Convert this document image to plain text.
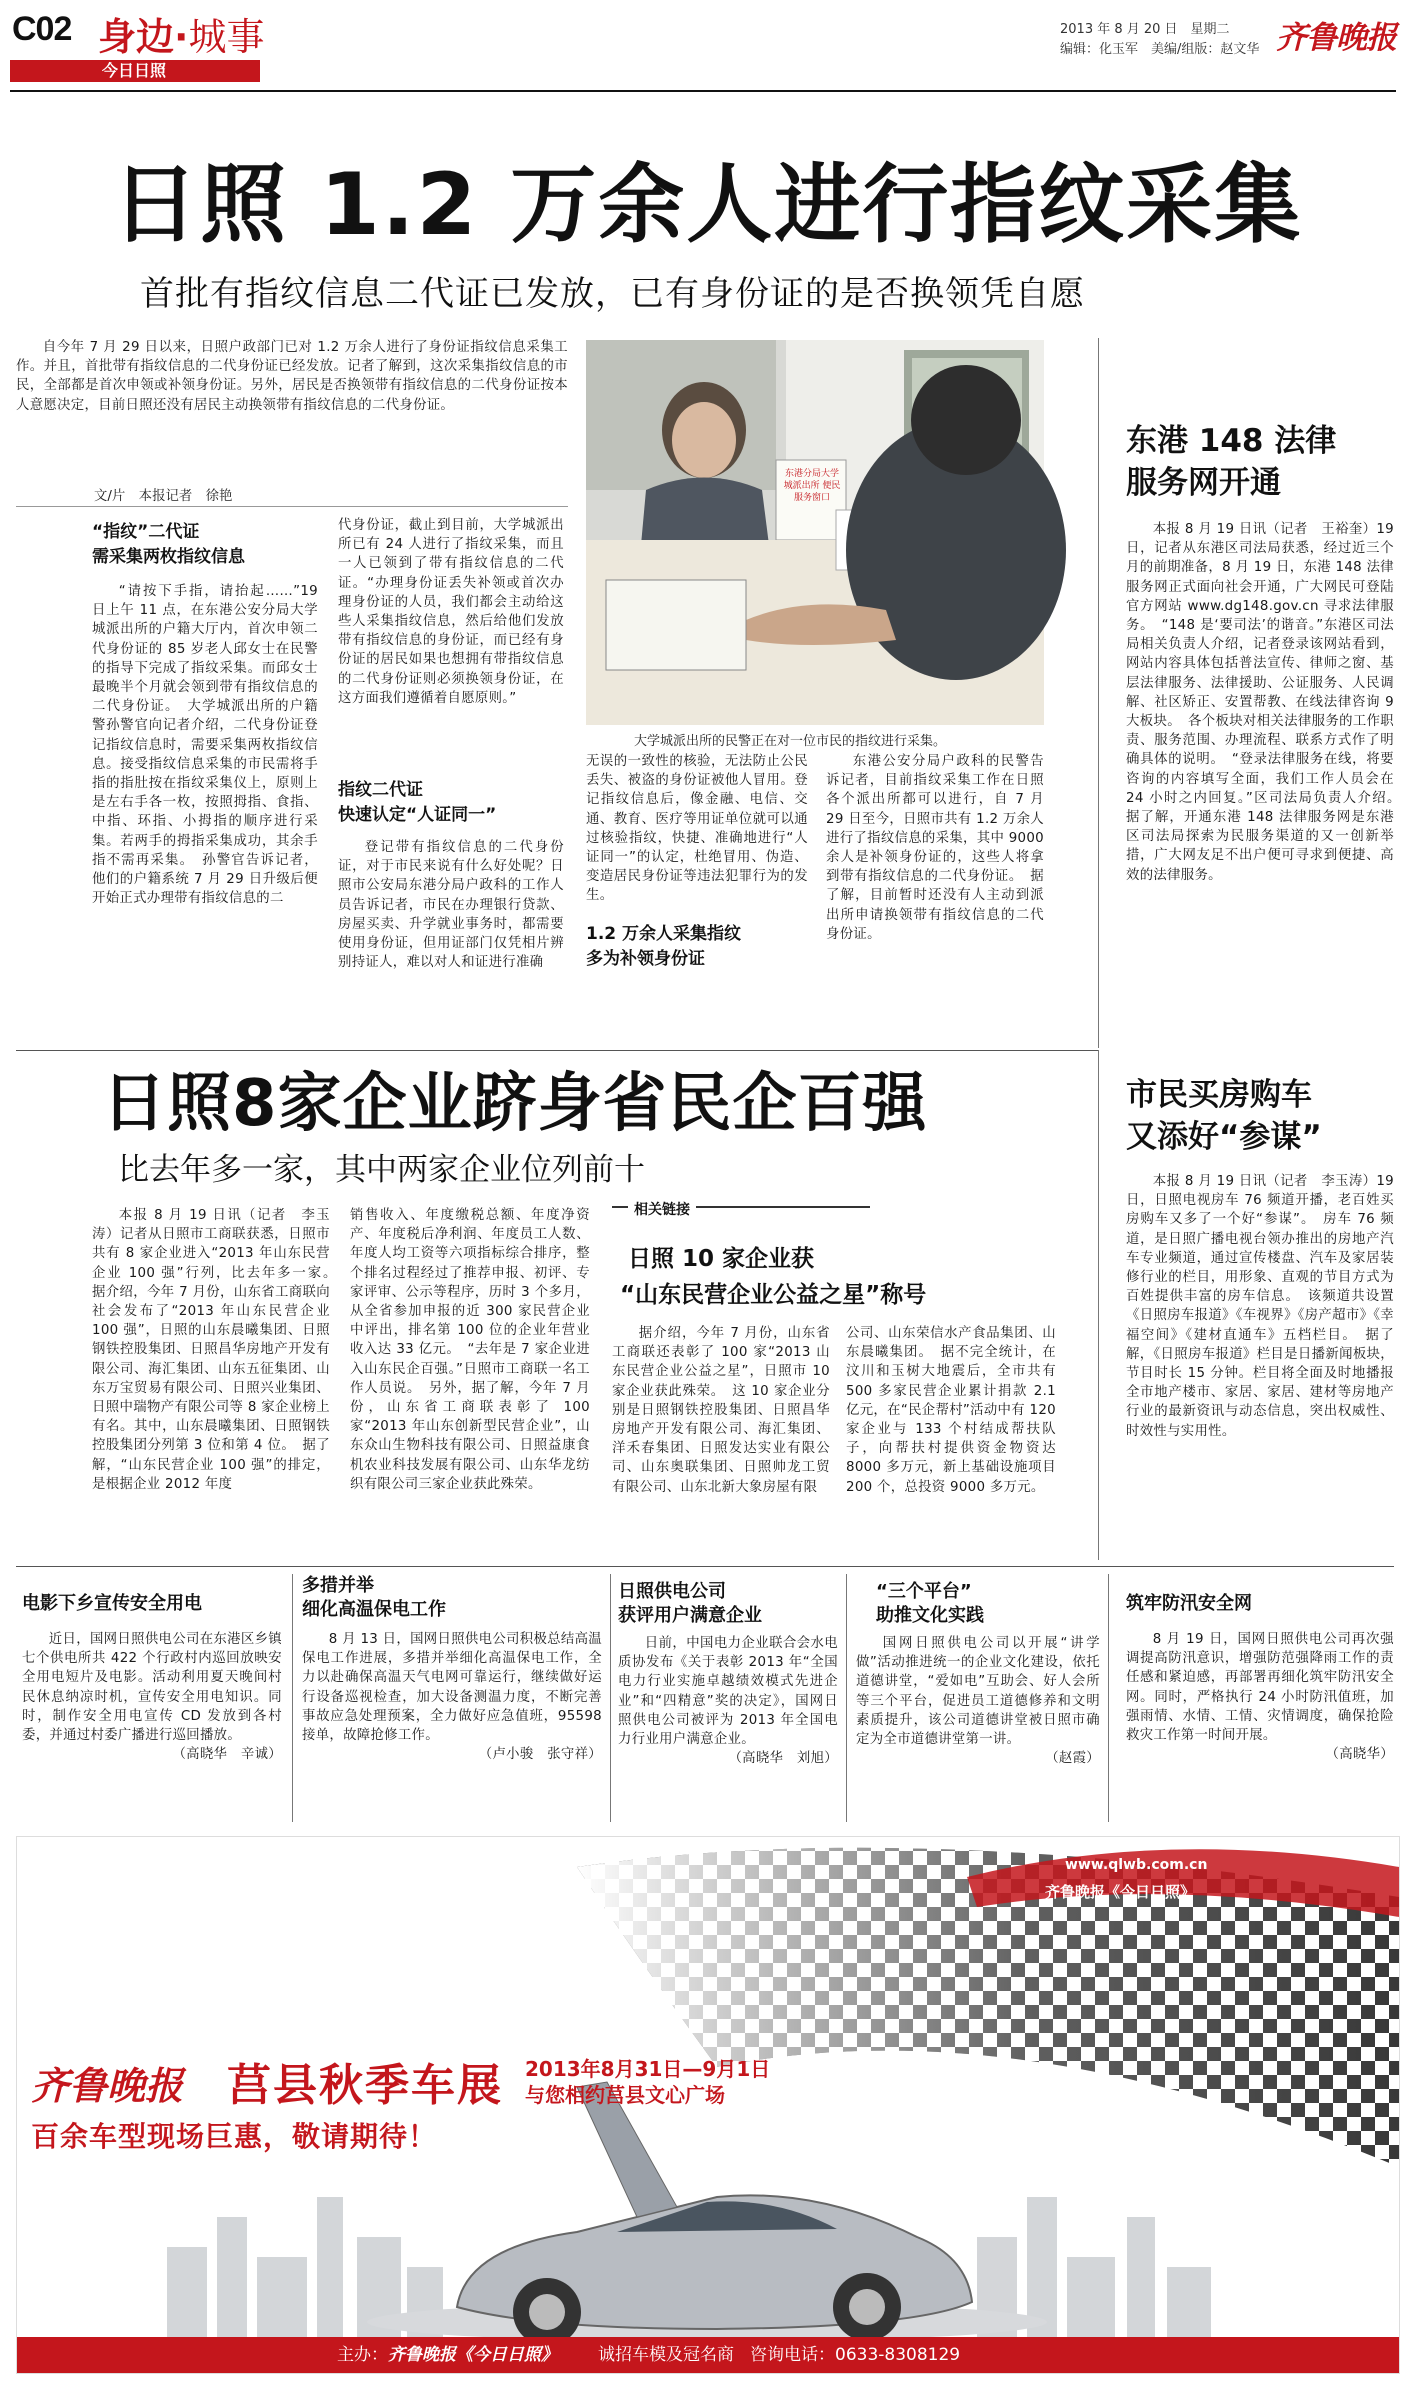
C02 身边·城事
今日日照
2013 年 8 月 20 日　星期二
编辑：化玉军　美编/组版：赵文华 齐鲁晚报
日照 1.2 万余人进行指纹采集
首批有指纹信息二代证已发放，已有身份证的是否换领凭自愿

自今年 7 月 29 日以来，日照户政部门已对 1.2 万余人进行了身份证指纹信息采集工作。并且，首批带有指纹信息的二代身份证已经发放。记者了解到，这次采集指纹信息的市民，全部都是首次申领或补领身份证。另外，居民是否换领带有指纹信息的二代身份证按本人意愿决定，目前日照还没有居民主动换领带有指纹信息的二代身份证。

文/片　本报记者　徐艳
“指纹”二代证
需采集两枚指纹信息

“请按下手指，请抬起……”19 日上午 11 点，在东港公安分局大学城派出所的户籍大厅内，首次申领二代身份证的 85 岁老人邱女士在民警的指导下完成了指纹采集。而邱女士最晚半个月就会领到带有指纹信息的二代身份证。　大学城派出所的户籍警孙警官向记者介绍，二代身份证登记指纹信息时，需要采集两枚指纹信息。接受指纹信息采集的市民需将手指的指肚按在指纹采集仪上，原则上是左右手各一枚，按照拇指、食指、中指、环指、小拇指的顺序进行采集。若两手的拇指采集成功，其余手指不需再采集。　孙警官告诉记者，他们的户籍系统 7 月 29 日升级后便开始正式办理带有指纹信息的二

代身份证，截止到目前，大学城派出所已有 24 人进行了指纹采集，而且一人已领到了带有指纹信息的二代证。“办理身份证丢失补领或首次办理身份证的人员，我们都会主动给这些人采集指纹信息，然后给他们发放带有指纹信息的身份证，而已经有身份证的居民如果也想拥有带指纹信息的二代身份证则必须换领身份证，在这方面我们遵循着自愿原则。”

指纹二代证
快速认定“人证同一”

登记带有指纹信息的二代身份证，对于市民来说有什么好处呢？日照市公安局东港分局户政科的工作人员告诉记者，市民在办理银行贷款、房屋买卖、升学就业事务时，都需要使用身份证，但用证部门仅凭相片辨别持证人，难以对人和证进行准确

东港分局大学城派出所 便民服务窗口
大学城派出所的民警正在对一位市民的指纹进行采集。

无误的一致性的核验，无法防止公民丢失、被盗的身份证被他人冒用。登记指纹信息后，像金融、电信、交通、教育、医疗等用证单位就可以通过核验指纹，快捷、准确地进行“人证同一”的认定，杜绝冒用、伪造、变造居民身份证等违法犯罪行为的发生。

1.2 万余人采集指纹
多为补领身份证

东港公安分局户政科的民警告诉记者，目前指纹采集工作在日照各个派出所都可以进行，自 7 月 29 日至今，日照市共有 1.2 万余人进行了指纹信息的采集，其中 9000 余人是补领身份证的，这些人将拿到带有指纹信息的二代身份证。　据了解，目前暂时还没有人主动到派出所申请换领带有指纹信息的二代身份证。

东港 148 法律
服务网开通

本报 8 月 19 日讯（记者　王裕奎）19 日，记者从东港区司法局获悉，经过近三个月的前期准备，8 月 19 日，东港 148 法律服务网正式面向社会开通，广大网民可登陆官方网站 www.dg148.gov.cn 寻求法律服务。　“148 是‘要司法’的谐音。”东港区司法局相关负责人介绍，记者登录该网站看到，网站内容具体包括普法宣传、律师之窗、基层法律服务、法律援助、公证服务、人民调解、社区矫正、安置帮教、在线法律咨询 9 大板块。　各个板块对相关法律服务的工作职责、服务范围、办理流程、联系方式作了明确具体的说明。　“登录法律服务在线，将要咨询的内容填写全面，我们工作人员会在 24 小时之内回复。”区司法局负责人介绍。　据了解，开通东港 148 法律服务网是东港区司法局探索为民服务渠道的又一创新举措，广大网友足不出户便可寻求到便捷、高效的法律服务。

日照8家企业跻身省民企百强
比去年多一家，其中两家企业位列前十

本报 8 月 19 日讯（记者　李玉涛）记者从日照市工商联获悉，日照市共有 8 家企业进入“2013 年山东民营企业 100 强”行列，比去年多一家。　据介绍，今年 7 月份，山东省工商联向社会发布了“2013 年山东民营企业 100 强”，日照的山东晨曦集团、日照钢铁控股集团、日照昌华房地产开发有限公司、海汇集团、山东五征集团、山东万宝贸易有限公司、日照兴业集团、日照中瑞物产有限公司等 8 家企业榜上有名。其中，山东晨曦集团、日照钢铁控股集团分列第 3 位和第 4 位。　据了解，“山东民营企业 100 强”的排定，是根据企业 2012 年度

销售收入、年度缴税总额、年度净资产、年度税后净利润、年度员工人数、年度人均工资等六项指标综合排序，整个排名过程经过了推荐申报、初评、专家评审、公示等程序，历时 3 个多月，从全省参加申报的近 300 家民营企业中评出，排名第 100 位的企业年营业收入达 33 亿元。　“去年是 7 家企业进入山东民企百强。”日照市工商联一名工作人员说。　另外，据了解，今年 7 月份，山东省工商联表彰了 100 家“2013 年山东创新型民营企业”，山东众山生物科技有限公司、日照益康食机农业科技发展有限公司、山东华龙纺织有限公司三家企业获此殊荣。

相关链接
日照 10 家企业获
“山东民营企业公益之星”称号

据介绍，今年 7 月份，山东省工商联还表彰了 100 家“2013 山东民营企业公益之星”，日照市 10 家企业获此殊荣。　这 10 家企业分别是日照钢铁控股集团、日照昌华房地产开发有限公司、海汇集团、洋禾春集团、日照发达实业有限公司、山东奥联集团、日照帅龙工贸有限公司、山东北新大象房屋有限

公司、山东荣信水产食品集团、山东晨曦集团。　据不完全统计，在汶川和玉树大地震后，全市共有 500 多家民营企业累计捐款 2.1 亿元，在“民企帮村”活动中有 120 家企业与 133 个村结成帮扶队子，向帮扶村提供资金物资达 8000 多万元，新上基础设施项目 200 个，总投资 9000 多万元。

市民买房购车
又添好“参谋”

本报 8 月 19 日讯（记者　李玉涛）19 日，日照电视房车 76 频道开播，老百姓买房购车又多了一个好“参谋”。　房车 76 频道，是日照广播电视台领办推出的房地产汽车专业频道，通过宣传楼盘、汽车及家居装修行业的栏目，用形象、直观的节目方式为百姓提供丰富的房车信息。　该频道共设置《日照房车报道》《车视界》《房产超市》《幸福空间》《建材直通车》五档栏目。　据了解，《日照房车报道》栏目是日播新闻板块，节目时长 15 分钟。栏目将全面及时地播报全市地产楼市、家居、家居、建材等房地产行业的最新资讯与动态信息，突出权威性、时效性与实用性。

电影下乡宣传安全用电

近日，国网日照供电公司在东港区乡镇七个供电所共 422 个行政村内巡回放映安全用电短片及电影。活动利用夏天晚间村民休息纳凉时机，宣传安全用电知识。同时，制作安全用电宣传 CD 发放到各村委，并通过村委广播进行巡回播放。

（高晓华　辛诚）
多措并举
细化高温保电工作

8 月 13 日，国网日照供电公司积极总结高温保电工作进展，多措并举细化高温保电工作，全力以赴确保高温天气电网可靠运行，继续做好运行设备巡视检查，加大设备测温力度，不断完善事故应急处理预案，全力做好应急值班，95598 接单，故障抢修工作。

（卢小骏　张守祥）
日照供电公司
获评用户满意企业

日前，中国电力企业联合会水电质协发布《关于表彰 2013 年“全国电力行业实施卓越绩效模式先进企业”和“四精意”奖的决定》，国网日照供电公司被评为 2013 年全国电力行业用户满意企业。

（高晓华　刘旭）
“三个平台”
助推文化实践

国网日照供电公司以开展“讲学做”活动推进统一的企业文化建设，依托道德讲堂，“爱如电”互助会、好人会所等三个平台，促进员工道德修养和文明素质提升，该公司道德讲堂被日照市确定为全市道德讲堂第一讲。

（赵霞）
筑牢防汛安全网

8 月 19 日，国网日照供电公司再次强调提高防汛意识，增强防范强降雨工作的责任感和紧迫感，再部署再细化筑牢防汛安全网。同时，严格执行 24 小时防汛值班，加强雨情、水情、工情、灾情调度，确保抢险救灾工作第一时间开展。

（高晓华）
www.qlwb.com.cn
齐鲁晚报《今日日照》
齐鲁晚报 莒县秋季车展 2013年8月31日—9月1日
与您相约莒县文心广场
百余车型现场巨惠，敬请期待！
主办：齐鲁晚报《今日日照》 诚招车模及冠名商 咨询电话：0633-8308129
